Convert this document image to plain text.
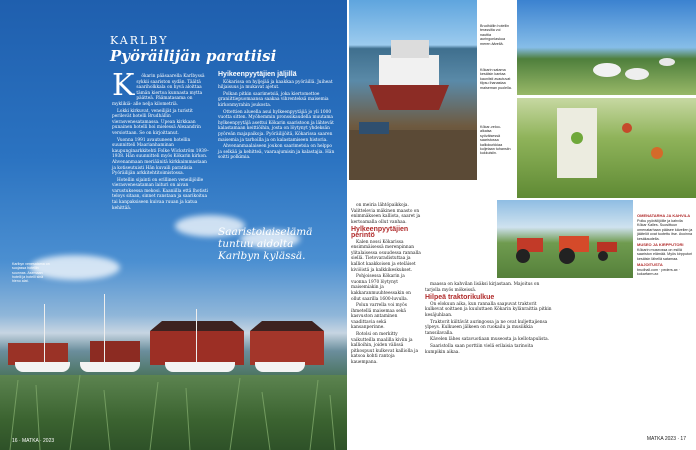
KARLBY
Pyöräilijän paratiisi
K	ökarin pääsaarella Karlbyssä sykkii saariston sydän. Täältä saariholkkala on hyvä aloittaa tämän kiertoa kunnasta mytta päätteä. Päämatasama on myklikiä- alle nelja kilometriä.

Lokki kirkuvat, veneilijät ja turistit perilevät hotelli Brudhällin vierasvenesatamassa. Upean kirkkaan punainen hotelli hoi mielessä Alexandrin versiottaan. Se on kirjoittanut.

Vuonna 1991 avautuneen hotellin suunnitteli Maarianhaminan kaupunginarkkitehti Folke Wickström 1939–1938. Hän suunnitteli myös Kökarin kirkon. Ahvenanmaan meriäänitä kirkkaimmastaan ja kotiseutuisti Hän kuvaili paratiisia Pyöräilijän arkkitehtitoimistossa.

Hotellin sijainti on erillinen veneilijöille vierasvenesataman laituri on aivan varustuksessa mekosi. Kaaniilla että lhotisti teloys sitaan, sinnet ranstaan ja saarikoitua tai kanpaksiseen kuivaa ruuan ja katua kehittää.

Hyikeenpyytäjien jäljillä

Kökarissa on hyljejää ja kaakkaa pyöräillä. Juiheat hiljaisuus ja mukavat ajetut.

Polkan pitkin saarimetsiä, joka kiertomettoe graniittiepuomaansa saakaa vihrenteksä maisemia kirkonmyrahin joukosta.

Ottettien alueella asui hylkeenpyytäjiä jo yli 1000 vuotta sitten. Myöhemmin pronssikaudella muutama hylkeenpyytäjä asettui Kökarin saaristoon ja lähtevät kalastamaan keittiöihin, josta on löytynyt yhdeksän pyöreän majapaikoja. Pyöräilijöitä, Kökarissa saaren maisemia ja tarhoilla ja on kalastamiseen historia.

Ahvenanmaalaiseen joukon saarimetsia on helppo ja selkää ja kehitteä, vaaraajumisin ja kalastajia. Hän soitti polkimia.

Saaristolaiselämä tuntuu aidolta Karlbyn kylässä.
Karlbyn venesatama on suojassa hotellin suunnas. Asemaan hotelli ja hotelli sinä hieno alat.
16 · MATKA · 2023
Brudhällin hotellin terassilta voi nauttia auringonlaskua meren äärellä.
Kökarin satama kesäisin kantaa kauniisti avautuvat tilpsu ihanastaa maiseman puolella.
Kökar-veloo-alkaisa syöväisessä saaristossa kalliokurkkiaa kuljetaan tuhansiin kukkuisiin.

on meiria lähtöpaikkoja. Valittelevia mäkinen maasto on enimmäkseen kalliota, saaret ja kertoamalla ollut vanhaa.

Hylkeenpyytäjien perintö

Kalen nossi Kökarissa ensimmäisessä merenpinnan ylitalaisessa osuudessa rannalla siellä. Tietovaradistuttaa ja kalliot kaakkoisen ja eteläiset kiviöistä ja kalkkikeskukset.

Pohjoisessa Kökarin ja vuonna 1970 löytynyt maisemiakin ja kakkaranmuuhteessakin on ollut saarilla 1600-luvulla.

Polun varrella voi myös ihmetellä maisemaa sekä kasvuston antaminen vaadittavia sekä kansanperinne.

Rotolsi on merkitty vaikutteilla maalilla kiviin ja kallioihin, joiden välissä pitkospuut kulkevat kalliolla ja katsoa kohti rantoja kauempana.

maassa on kahvilan lisäksi kirjastaan. Majoitus on tarjolla myös mökeissä.

Hilpeä traktorikulkue

On elokuun aika, kun rannalla saapuvat traktorit kulkevat soittaen ja kuuluttaen Kökarin kylänraittia pitkin kesäjuhlaan.

Traktorit kiiltävät auringossa ja ne ovat kuljettajiensa ylpeys. Kulkueen jälkeen on ruokailu ja musiikkia tanssilavalla.

Kävelen lähes satavuotiaan museosta ja kellotapulista.

Saaristolla saan porttiin vielä erilaisia tarinoita kumpikin aikaa.

OMENATARHA JA KAHVILA
Polku pyöräilijöille ja kahvila Kökar Kalles. Suosittuun omenatarhaan pääsee kävellen ja jäätelöt ovat tuotettu itse. Avoinna kesäkaudella.
MUSEO JA KIRPPUTORI
Kökarin museossa on esillä saariston elämää. Myös kirpputori kesäisin lähellä satamaa.
MAJOITUSTA
brudhall.com · peders.ax · kokarfarm.ax
MATKA 2023 · 17
